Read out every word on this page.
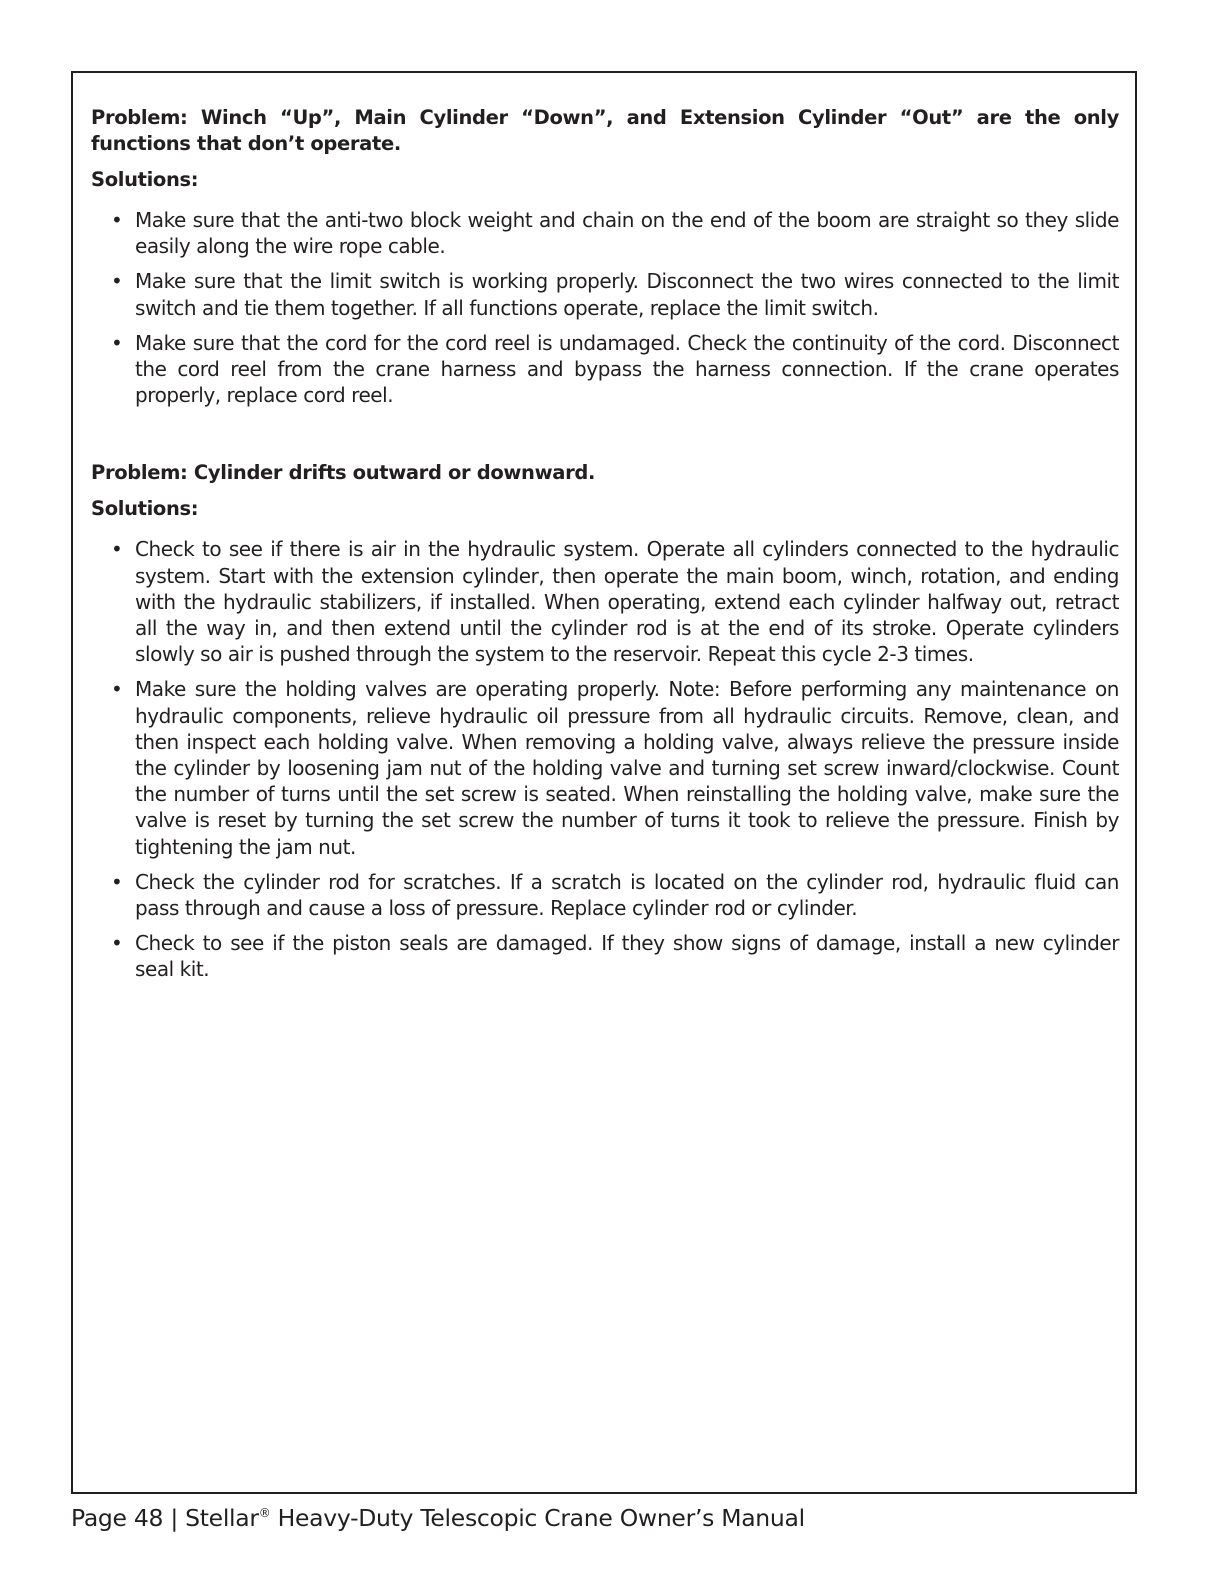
Problem: Winch “Up”, Main Cylinder “Down”, and Extension Cylinder “Out” are the only functions that don’t operate.

Solutions:

• Make sure that the anti-two block weight and chain on the end of the boom are straight so they slide easily along the wire rope cable.
• Make sure that the limit switch is working properly. Disconnect the two wires connected to the limit switch and tie them together. If all functions operate, replace the limit switch.
• Make sure that the cord for the cord reel is undamaged. Check the continuity of the cord. Disconnect the cord reel from the crane harness and bypass the harness connection. If the crane operates properly, replace cord reel.

Problem: Cylinder drifts outward or downward.

Solutions:

• Check to see if there is air in the hydraulic system. Operate all cylinders connected to the hydraulic system. Start with the extension cylinder, then operate the main boom, winch, rotation, and ending with the hydraulic stabilizers, if installed. When operating, extend each cylinder halfway out, retract all the way in, and then extend until the cylinder rod is at the end of its stroke. Operate cylinders slowly so air is pushed through the system to the reservoir. Repeat this cycle 2-3 times.
• Make sure the holding valves are operating properly. Note: Before performing any maintenance on hydraulic components, relieve hydraulic oil pressure from all hydraulic circuits. Remove, clean, and then inspect each holding valve. When removing a holding valve, always relieve the pressure inside the cylinder by loosening jam nut of the holding valve and turning set screw inward/clockwise. Count the number of turns until the set screw is seated. When reinstalling the holding valve, make sure the valve is reset by turning the set screw the number of turns it took to relieve the pressure. Finish by tightening the jam nut.
• Check the cylinder rod for scratches. If a scratch is located on the cylinder rod, hydraulic fluid can pass through and cause a loss of pressure. Replace cylinder rod or cylinder.
• Check to see if the piston seals are damaged. If they show signs of damage, install a new cylinder seal kit.
Page 48 | Stellar® Heavy-Duty Telescopic Crane Owner’s Manual
